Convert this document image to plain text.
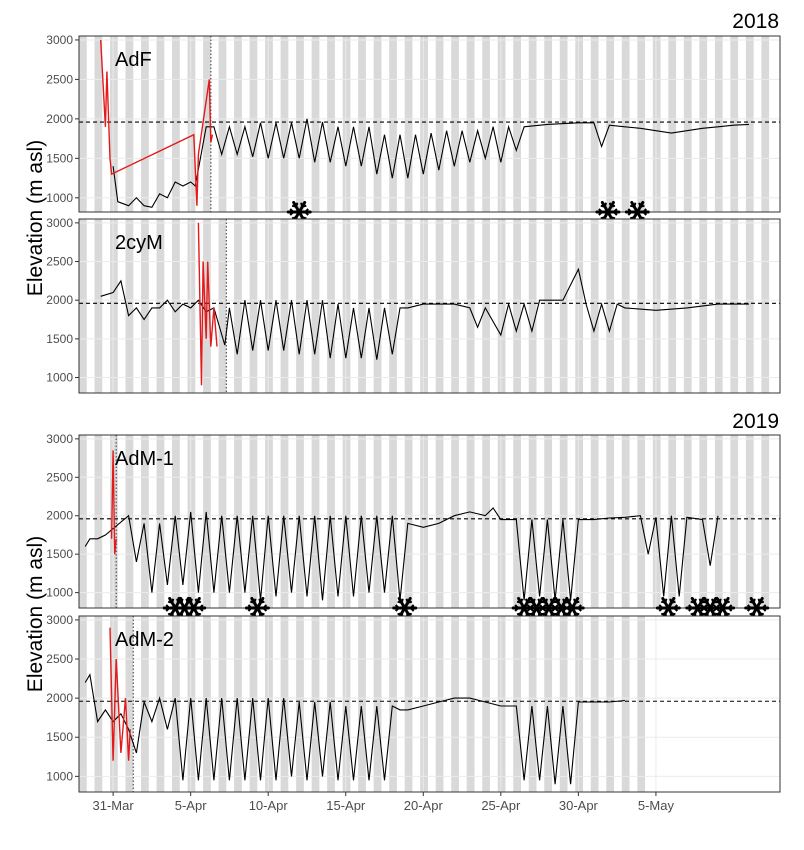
Elevation (m asl)
Elevation (m asl)
2018
2019
1000
1500
2000
2500
3000
AdF
1000
1500
2000
2500
3000
2cyM
1000
1500
2000
2500
3000
AdM-1
1000
1500
2000
2500
3000
AdM-2
31-Mar	5-Apr	10-Apr	15-Apr	20-Apr	25-Apr	30-Apr	5-May
